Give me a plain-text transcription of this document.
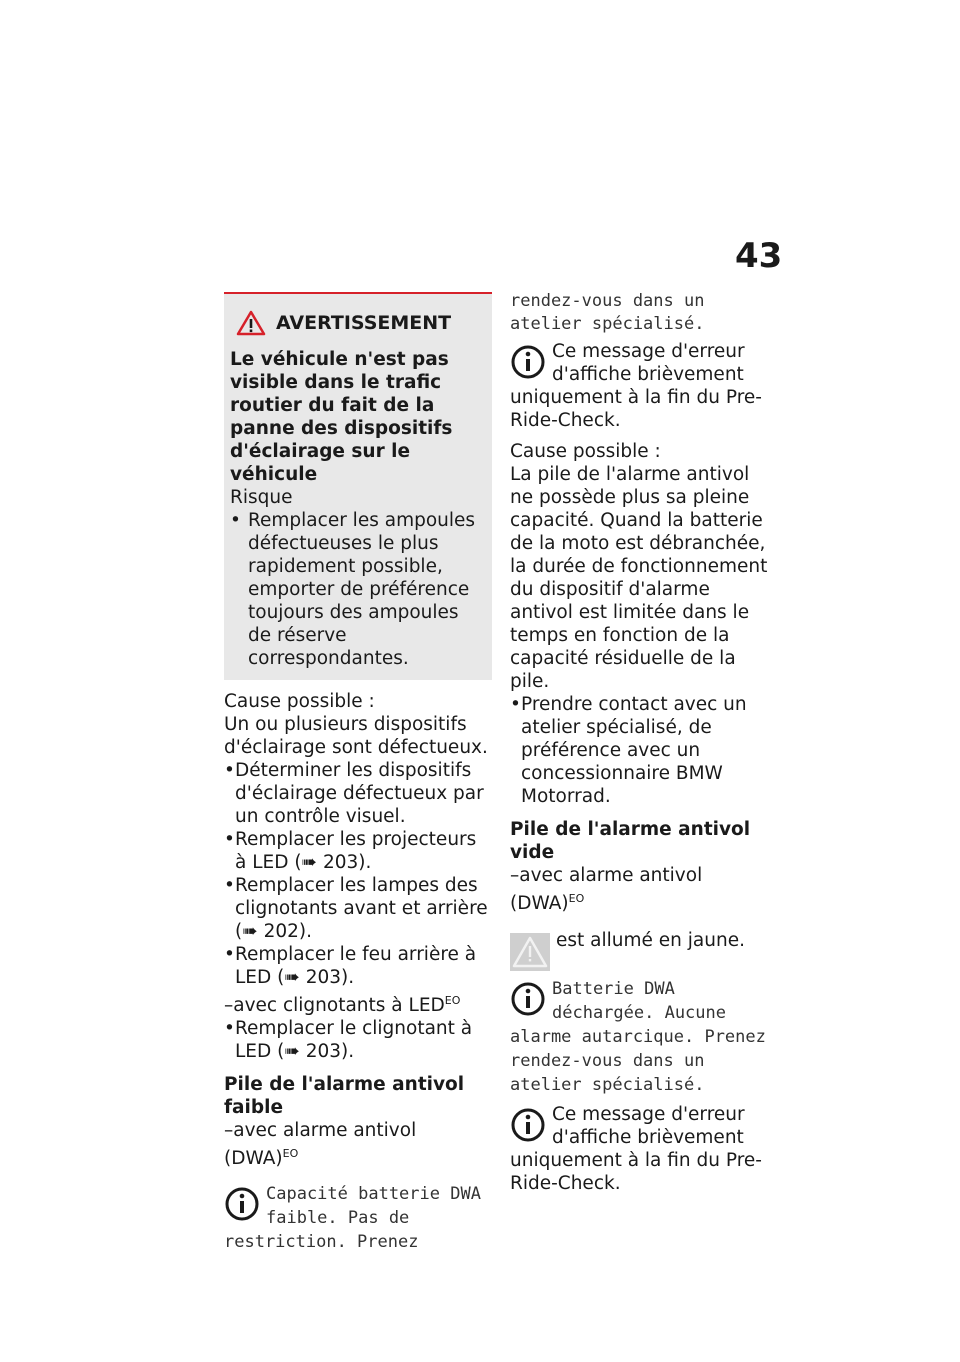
43
AVERTISSEMENT
Le véhicule n'est pas visible dans le trafic routier du fait de la panne des dispositifs d'éclairage sur le véhicule
Risque
• Remplacer les ampoules défectueuses le plus rapidement possible, emporter de préférence toujours des ampoules de réserve correspondantes.

Cause possible :

Un ou plusieurs dispositifs d'éclairage sont défectueux.

• Déterminer les dispositifs d'éclairage défectueux par un contrôle visuel.
• Remplacer les projecteurs à LED (➠ 203).
• Remplacer les lampes des clignotants avant et arrière (➠ 202).
• Remplacer le feu arrière à LED (➠ 203).

–avec clignotants à $LED^{EO}$

• Remplacer le clignotant à LED (➠ 203).

Pile de l'alarme antivol faible

–avec alarme antivol (DWA)$^{EO}$

Capacité batterie DWA faible. Pas de restriction. Prenez

rendez-vous dans un atelier spécialisé.

Ce message d'erreur d'affiche brièvement uniquement à la fin du Pre-Ride-Check.

Cause possible :

La pile de l'alarme antivol ne possède plus sa pleine capacité. Quand la batterie de la moto est débranchée, la durée de fonctionnement du dispositif d'alarme antivol est limitée dans le temps en fonction de la capacité résiduelle de la pile.

• Prendre contact avec un atelier spécialisé, de préférence avec un concessionnaire BMW Motorrad.

Pile de l'alarme antivol vide

–avec alarme antivol (DWA)$^{EO}$

est allumé en jaune.
Batterie DWA déchargée. Aucune alarme autarcique. Prenez rendez-vous dans un atelier spécialisé.
Ce message d'erreur d'affiche brièvement uniquement à la fin du Pre-Ride-Check.
